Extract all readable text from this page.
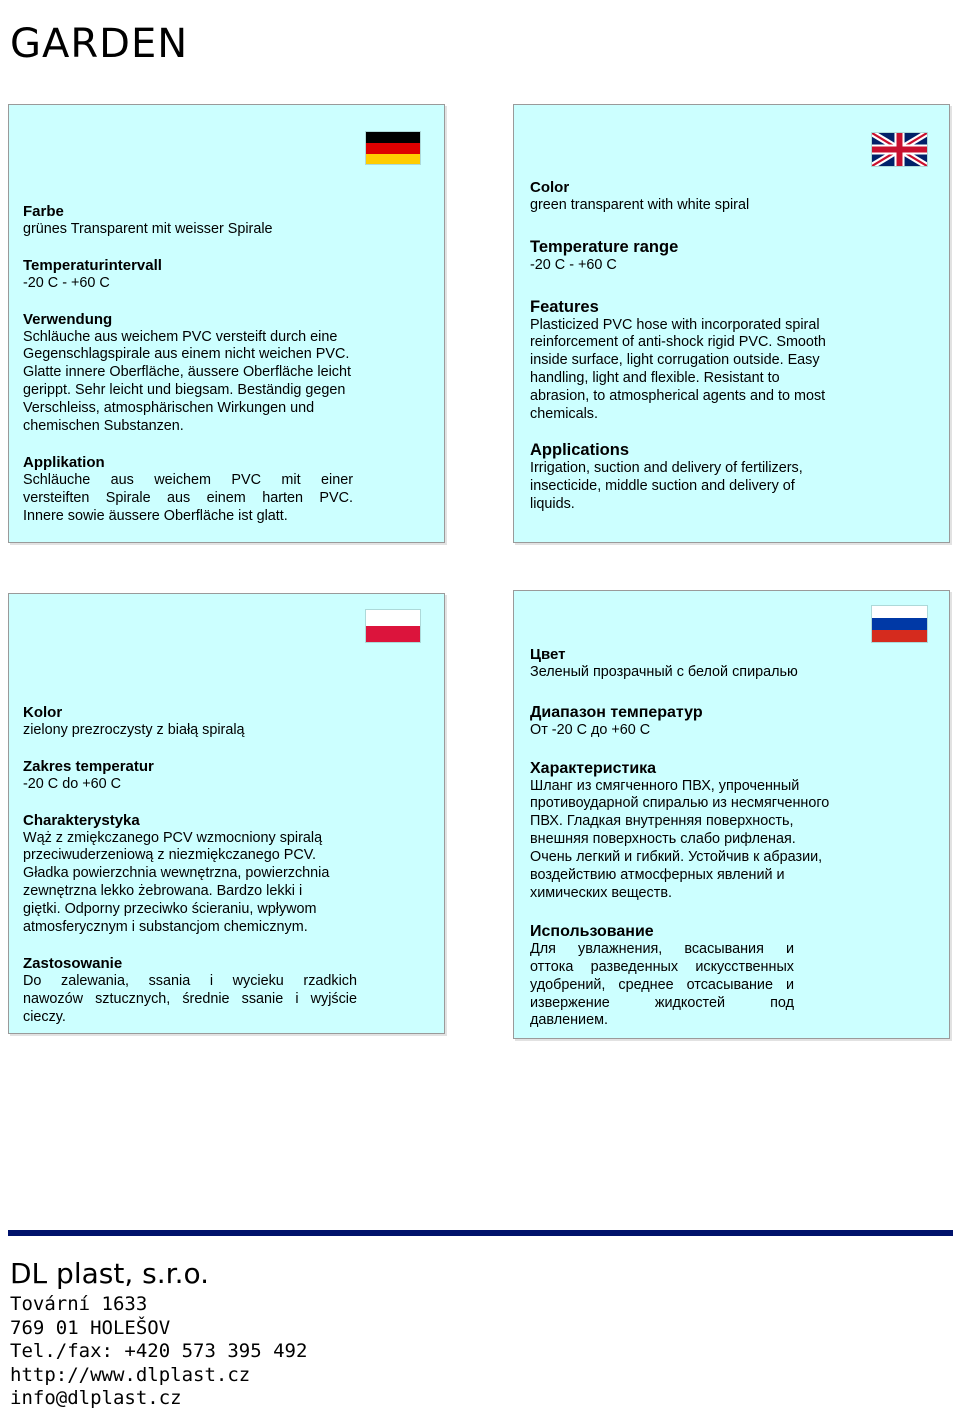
GARDEN

Farbe

grünes Transparent mit weisser Spirale

Temperaturintervall

-20 C - +60 C

Verwendung

Schläuche aus weichem PVC versteift durch eine

Gegenschlagspirale aus einem nicht weichen PVC.

Glatte innere Oberfläche, äussere Oberfläche leicht

gerippt. Sehr leicht und biegsam. Beständig gegen

Verschleiss, atmosphärischen Wirkungen und

chemischen Substanzen.

Applikation

Schläuche aus weichem PVC mit einer

versteiften Spirale aus einem harten PVC.

Innere sowie äussere Oberfläche ist glatt.

Color

green transparent with white spiral

Temperature range

-20 C - +60 C

Features

Plasticized PVC hose with incorporated spiral

reinforcement of anti-shock rigid PVC. Smooth

inside surface, light corrugation outside. Easy

handling, light and flexible. Resistant to

abrasion, to atmospherical agents and to most

chemicals.

Applications

Irrigation, suction and delivery of fertilizers,

insecticide, middle suction and delivery of

liquids.

Kolor

zielony prezroczysty z białą spiralą

Zakres temperatur

-20 C do +60 C

Charakterystyka

Wąż z zmiękczanego PCV wzmocniony spiralą

przeciwuderzeniową z niezmiękczanego PCV.

Gładka powierzchnia wewnętrzna, powierzchnia

zewnętrzna lekko żebrowana. Bardzo lekki i

giętki. Odporny przeciwko ścieraniu, wpływom

atmosferycznym i substancjom chemicznym.

Zastosowanie

Do zalewania, ssania i wycieku rzadkich

nawozów sztucznych, średnie ssanie i wyjście

cieczy.

Цвет

Зеленый прозрачный с белой спиралью

Диапазон температур

От -20 С до +60 С

Характеристика

Шланг из смягченного ПВХ, упроченный

противоударной спиралью из несмягченного

ПВХ. Гладкая внутренняя поверхность,

внешняя поверхность слабо рифленая.

Очень легкий и гибкий. Устойчив к абразии,

воздействию атмосферных явлений и

химических веществ.

Использование

Для увлажнения, всасывания и

оттока разведенных искусственных

удобрений, среднее отсасывание и

извержение жидкостей под

давлением.

DL plast, s.r.o.
Tovární 1633
769 01 HOLEŠOV
Tel./fax: +420 573 395 492
http://www.dlplast.cz
info@dlplast.cz
